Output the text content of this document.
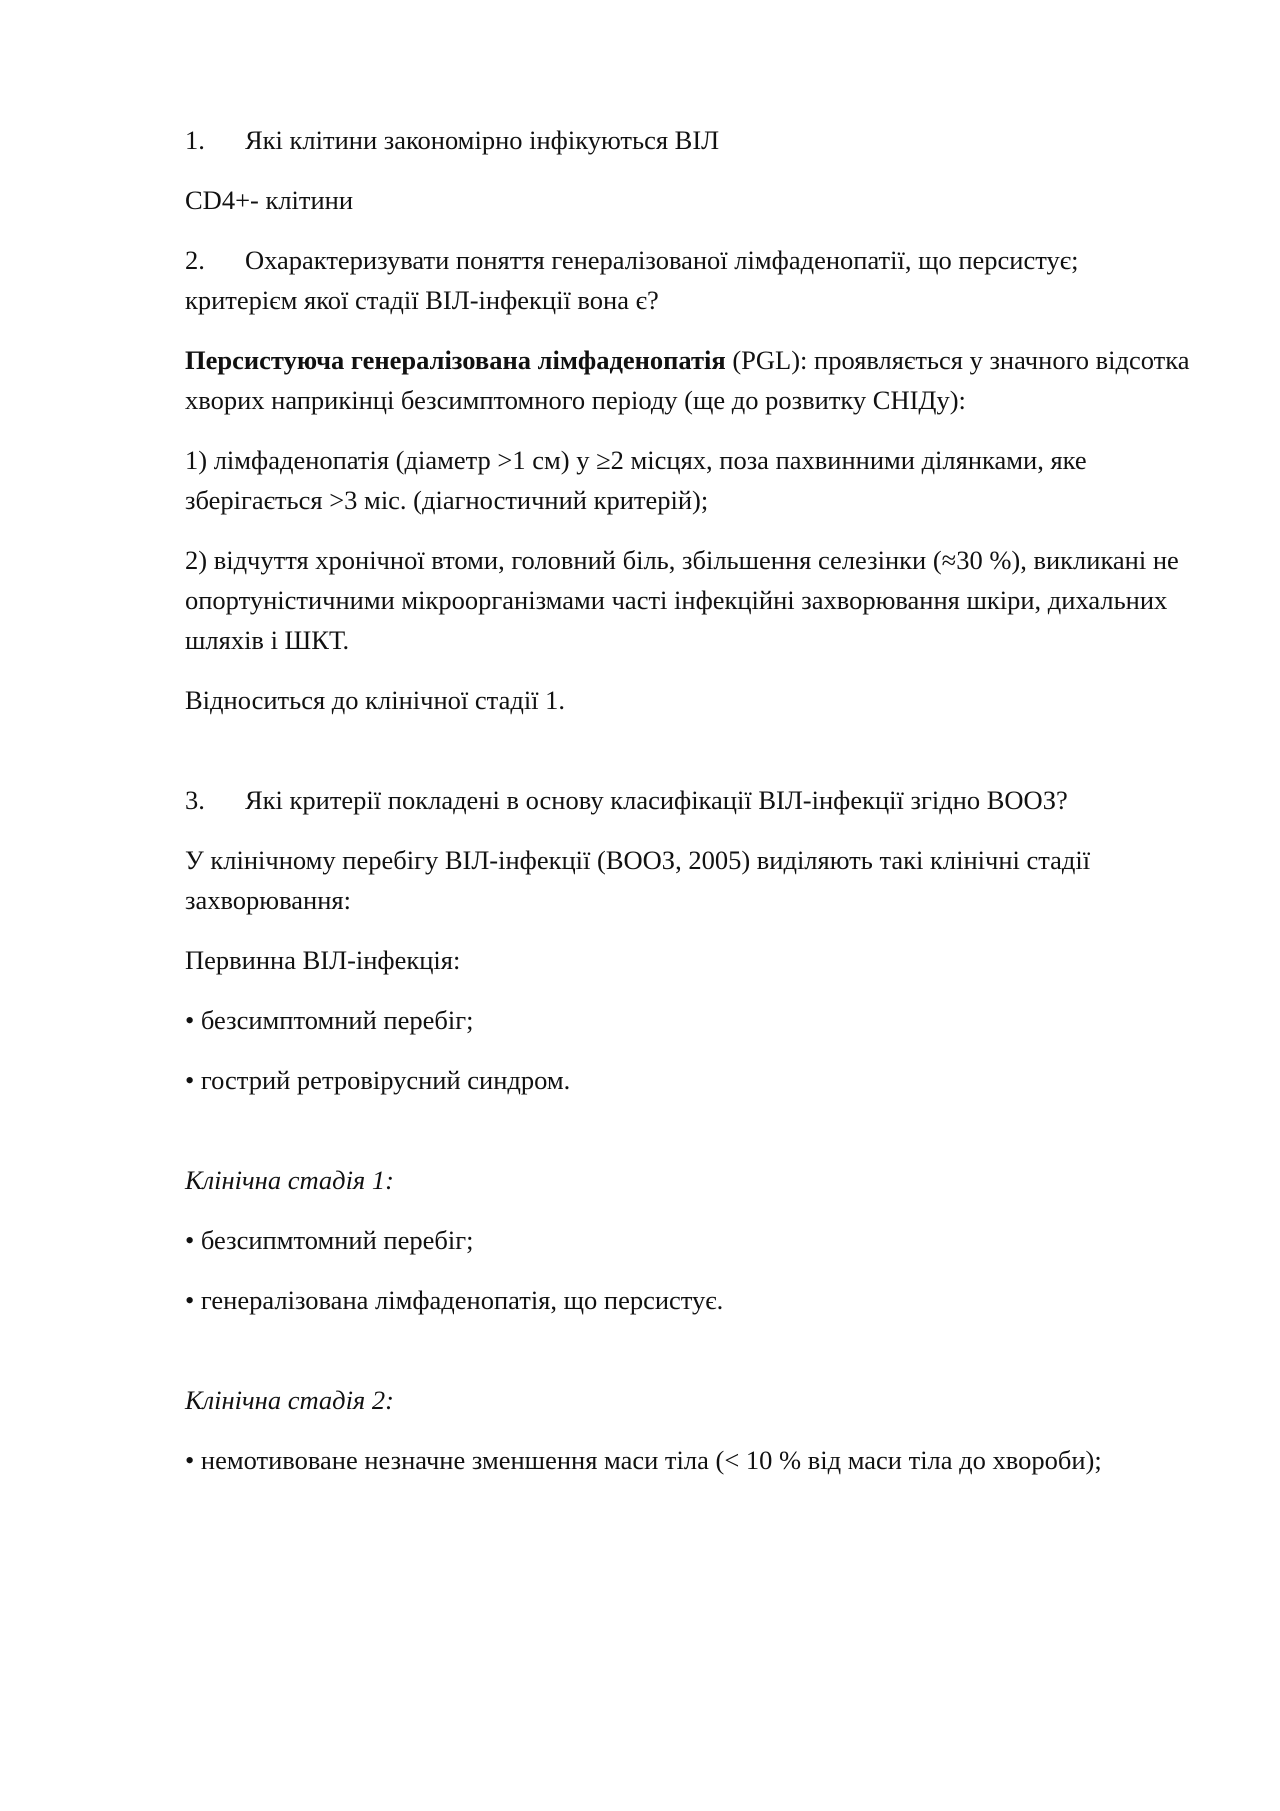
1. Які клітини закономірно інфікуються ВІЛ

CD4+- клітини

2. Охарактеризувати поняття генералізованої лімфаденопатії, що персистує; критерієм якої стадії ВІЛ-інфекції вона є?

Персистуюча генералізована лімфаденопатія (PGL): проявляється у значного відсотка хворих наприкінці безсимптомного періоду (ще до розвитку СНІДу):

1) лімфаденопатія (діаметр >1 см) у ≥2 місцях, поза пахвинними ділянками, яке зберігається >3 міс. (діагностичний критерій);

2) відчуття хронічної втоми, головний біль, збільшення селезінки (≈30 %), викликані не опортуністичними мікроорганізмами часті інфекційні захворювання шкіри, дихальних шляхів і ШКТ.

Відноситься до клінічної стадії 1.

3. Які критерії покладені в основу класифікації ВІЛ-інфекції згідно ВООЗ?

У клінічному перебігу ВІЛ-інфекції (ВООЗ, 2005) виділяють такі клінічні стадії захворювання:

Первинна ВІЛ-інфекція:

• безсимптомний перебіг;

• гострий ретровірусний синдром.

Клінічна стадія 1:

• безсипмтомний перебіг;

• генералізована лімфаденопатія, що персистує.

Клінічна стадія 2:

• немотивоване незначне зменшення маси тіла (< 10 % від маси тіла до хвороби);
